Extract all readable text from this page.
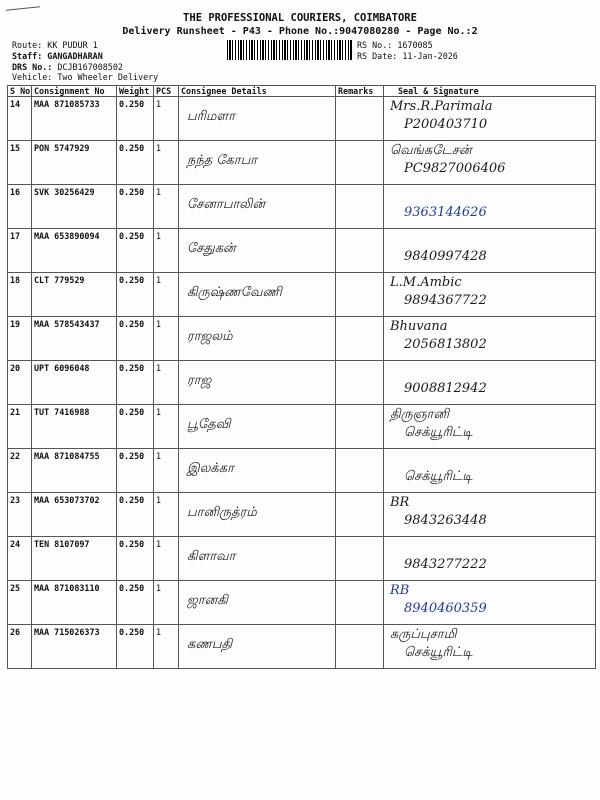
THE PROFESSIONAL COURIERS, COIMBATORE
Delivery Runsheet - P43 - Phone No.:9047080280 - Page No.:2
Route: KK PUDUR 1
Staff: GANGADHARAN
DRS No.: DCJB167008502
Vehicle: Two Wheeler Delivery
RS No.: 1670085
RS Date: 11-Jan-2026
S No	Consignment No	Weight	PCS	Consignee Details	Remarks	Seal & Signature
14	MAA 871085733	0.250	1	பரிமளா		Mrs.R.Parimala
P200403710

15	PON 5747929	0.250	1	நந்த கோபா		வெங்கடேசன்
PC9827006406

16	SVK 30256429	0.250	1	சேனாபாலின்		9363144626

17	MAA 653890094	0.250	1	சேதுகன்		9840997428

18	CLT 779529	0.250	1	கிருஷ்ணவேணி		L.M.Ambic
9894367722

19	MAA 578543437	0.250	1	ராஜலம்		Bhuvana
2056813802

20	UPT 6096048	0.250	1	ராஜ		9008812942

21	TUT 7416988	0.250	1	பூதேவி		திருஞானி
செக்யூரிட்டி

22	MAA 871084755	0.250	1	இலக்கா		செக்யூரிட்டி

23	MAA 653073702	0.250	1	பானிருத்ரம்		BR
9843263448

24	TEN 8107097	0.250	1	கிளாவா		9843277222

25	MAA 871083110	0.250	1	ஜானகி		RB
8940460359

26	MAA 715026373	0.250	1	கணபதி		கருப்புசாமி
செக்யூரிட்டி
